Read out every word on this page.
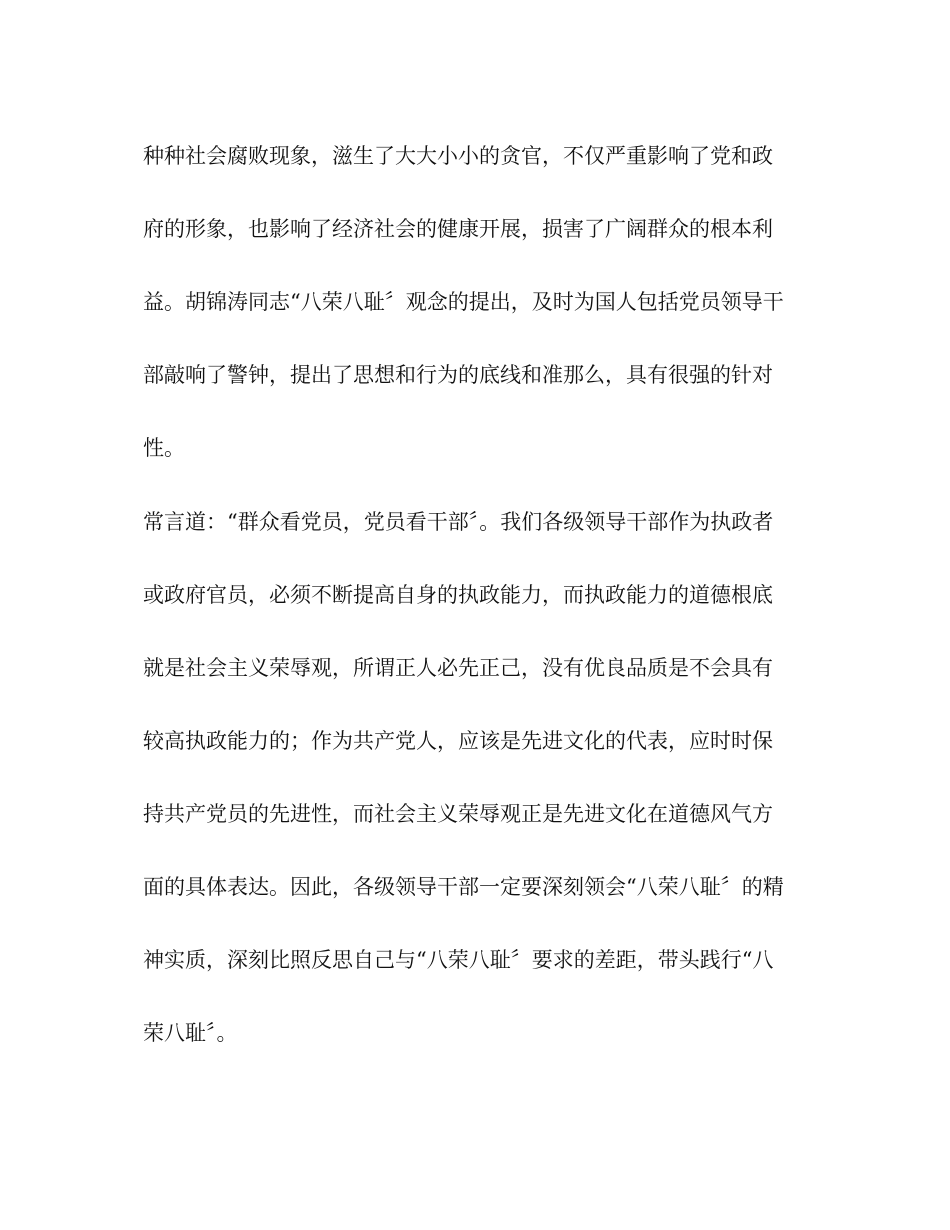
种种社会腐败现象，滋生了大大小小的贪官，不仅严重影响了党和政
府的形象，也影响了经济社会的健康开展，损害了广阔群众的根本利
益。胡锦涛同志“八荣八耻〞观念的提出，及时为国人包括党员领导干
部敲响了警钟，提出了思想和行为的底线和准那么，具有很强的针对
性。
常言道：“群众看党员，党员看干部〞。我们各级领导干部作为执政者
或政府官员，必须不断提高自身的执政能力，而执政能力的道德根底
就是社会主义荣辱观，所谓正人必先正己，没有优良品质是不会具有
较高执政能力的；作为共产党人，应该是先进文化的代表，应时时保
持共产党员的先进性，而社会主义荣辱观正是先进文化在道德风气方
面的具体表达。因此，各级领导干部一定要深刻领会“八荣八耻〞的精
神实质，深刻比照反思自己与“八荣八耻〞要求的差距，带头践行“八
荣八耻〞。
